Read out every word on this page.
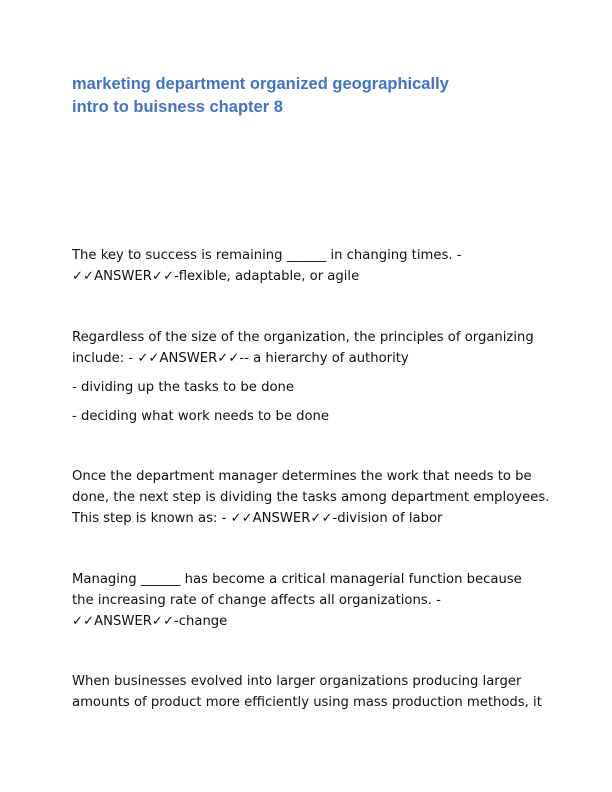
marketing department organized geographically
intro to buisness chapter 8

The key to success is remaining ______ in changing times. -
✓✓ANSWER✓✓-flexible, adaptable, or agile

Regardless of the size of the organization, the principles of organizing
include: - ✓✓ANSWER✓✓-- a hierarchy of authority

- dividing up the tasks to be done

- deciding what work needs to be done

Once the department manager determines the work that needs to be
done, the next step is dividing the tasks among department employees.
This step is known as: - ✓✓ANSWER✓✓-division of labor

Managing ______ has become a critical managerial function because
the increasing rate of change affects all organizations. -
✓✓ANSWER✓✓-change

When businesses evolved into larger organizations producing larger
amounts of product more efficiently using mass production methods, it
